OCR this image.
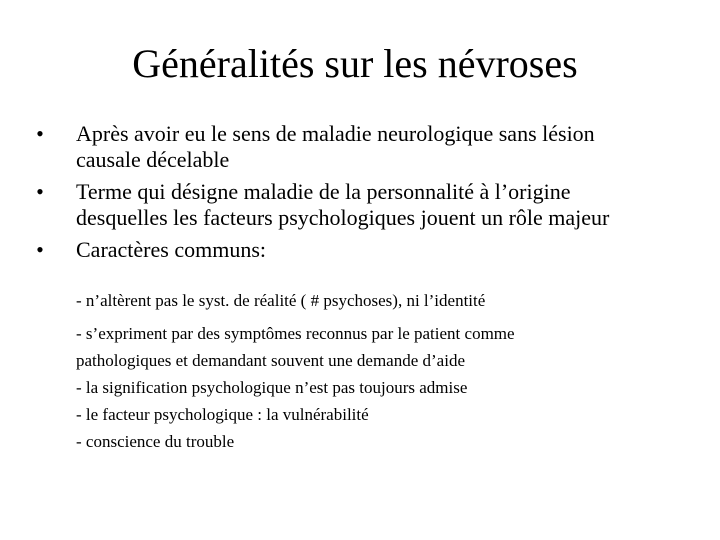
Généralités sur les névroses
• Après avoir eu le sens de maladie neurologique sans lésion
causale décelable
• Terme qui désigne maladie de la personnalité à l’origine
desquelles les facteurs psychologiques jouent un rôle majeur
• Caractères communs:
- n’altèrent pas le syst. de réalité ( # psychoses), ni l’identité
- s’expriment par des symptômes reconnus par le patient comme
pathologiques et demandant souvent une demande d’aide
- la signification psychologique n’est pas toujours admise
- le facteur psychologique : la vulnérabilité
- conscience du trouble
